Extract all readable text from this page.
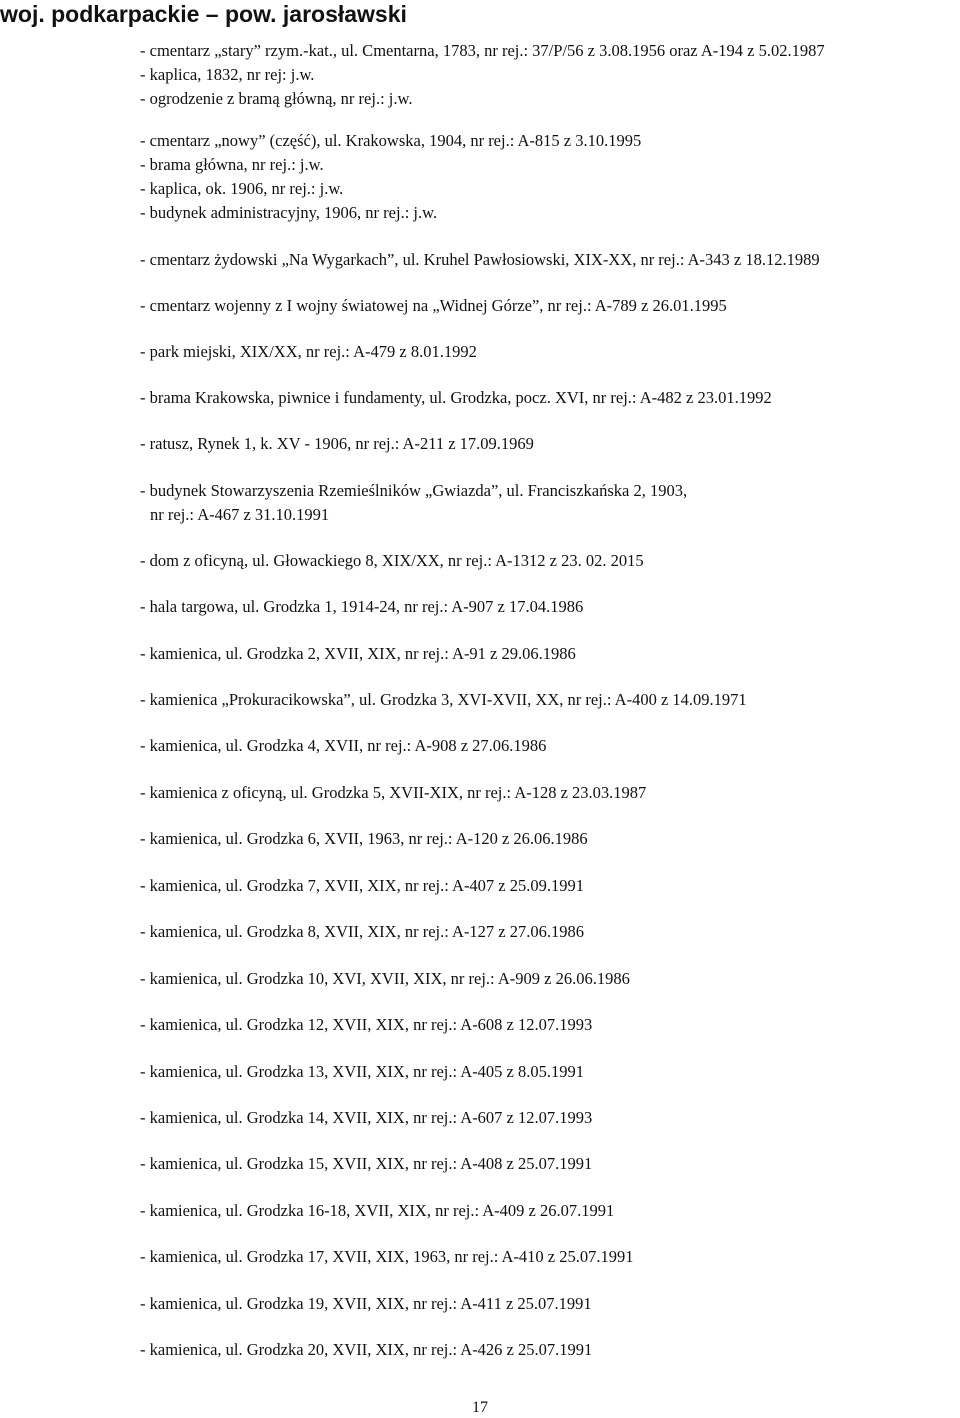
woj. podkarpackie – pow. jarosławski
- cmentarz „stary” rzym.-kat., ul. Cmentarna, 1783, nr rej.: 37/P/56 z 3.08.1956 oraz A-194 z 5.02.1987
- kaplica, 1832, nr rej: j.w.
- ogrodzenie z bramą główną, nr rej.: j.w.
- cmentarz „nowy” (część), ul. Krakowska, 1904, nr rej.: A-815 z 3.10.1995
- brama główna, nr rej.: j.w.
- kaplica, ok. 1906, nr rej.: j.w.
- budynek administracyjny, 1906, nr rej.: j.w.
- cmentarz żydowski „Na Wygarkach”, ul. Kruhel Pawłosiowski, XIX-XX, nr rej.: A-343 z 18.12.1989
- cmentarz wojenny z I wojny światowej na „Widnej Górze”, nr rej.: A-789 z 26.01.1995
- park miejski, XIX/XX, nr rej.: A-479 z 8.01.1992
- brama Krakowska, piwnice i fundamenty, ul. Grodzka, pocz. XVI, nr rej.: A-482 z 23.01.1992
- ratusz, Rynek 1, k. XV - 1906, nr rej.: A-211 z 17.09.1969
- budynek Stowarzyszenia Rzemieślników „Gwiazda”, ul. Franciszkańska 2, 1903,
nr rej.: A-467 z 31.10.1991
- dom z oficyną, ul. Głowackiego 8, XIX/XX, nr rej.: A-1312 z 23. 02. 2015
- hala targowa, ul. Grodzka 1, 1914-24, nr rej.: A-907 z 17.04.1986
- kamienica, ul. Grodzka 2, XVII, XIX, nr rej.: A-91 z 29.06.1986
- kamienica „Prokuracikowska”, ul. Grodzka 3, XVI-XVII, XX, nr rej.: A-400 z 14.09.1971
- kamienica, ul. Grodzka 4, XVII, nr rej.: A-908 z 27.06.1986
- kamienica z oficyną, ul. Grodzka 5, XVII-XIX, nr rej.: A-128 z 23.03.1987
- kamienica, ul. Grodzka 6, XVII, 1963, nr rej.: A-120 z 26.06.1986
- kamienica, ul. Grodzka 7, XVII, XIX, nr rej.: A-407 z 25.09.1991
- kamienica, ul. Grodzka 8, XVII, XIX, nr rej.: A-127 z 27.06.1986
- kamienica, ul. Grodzka 10, XVI, XVII, XIX, nr rej.: A-909 z 26.06.1986
- kamienica, ul. Grodzka 12, XVII, XIX, nr rej.: A-608 z 12.07.1993
- kamienica, ul. Grodzka 13, XVII, XIX, nr rej.: A-405 z 8.05.1991
- kamienica, ul. Grodzka 14, XVII, XIX, nr rej.: A-607 z 12.07.1993
- kamienica, ul. Grodzka 15, XVII, XIX, nr rej.: A-408 z 25.07.1991
- kamienica, ul. Grodzka 16-18, XVII, XIX, nr rej.: A-409 z 26.07.1991
- kamienica, ul. Grodzka 17, XVII, XIX, 1963, nr rej.: A-410 z 25.07.1991
- kamienica, ul. Grodzka 19, XVII, XIX, nr rej.: A-411 z 25.07.1991
- kamienica, ul. Grodzka 20, XVII, XIX, nr rej.: A-426 z 25.07.1991
17
